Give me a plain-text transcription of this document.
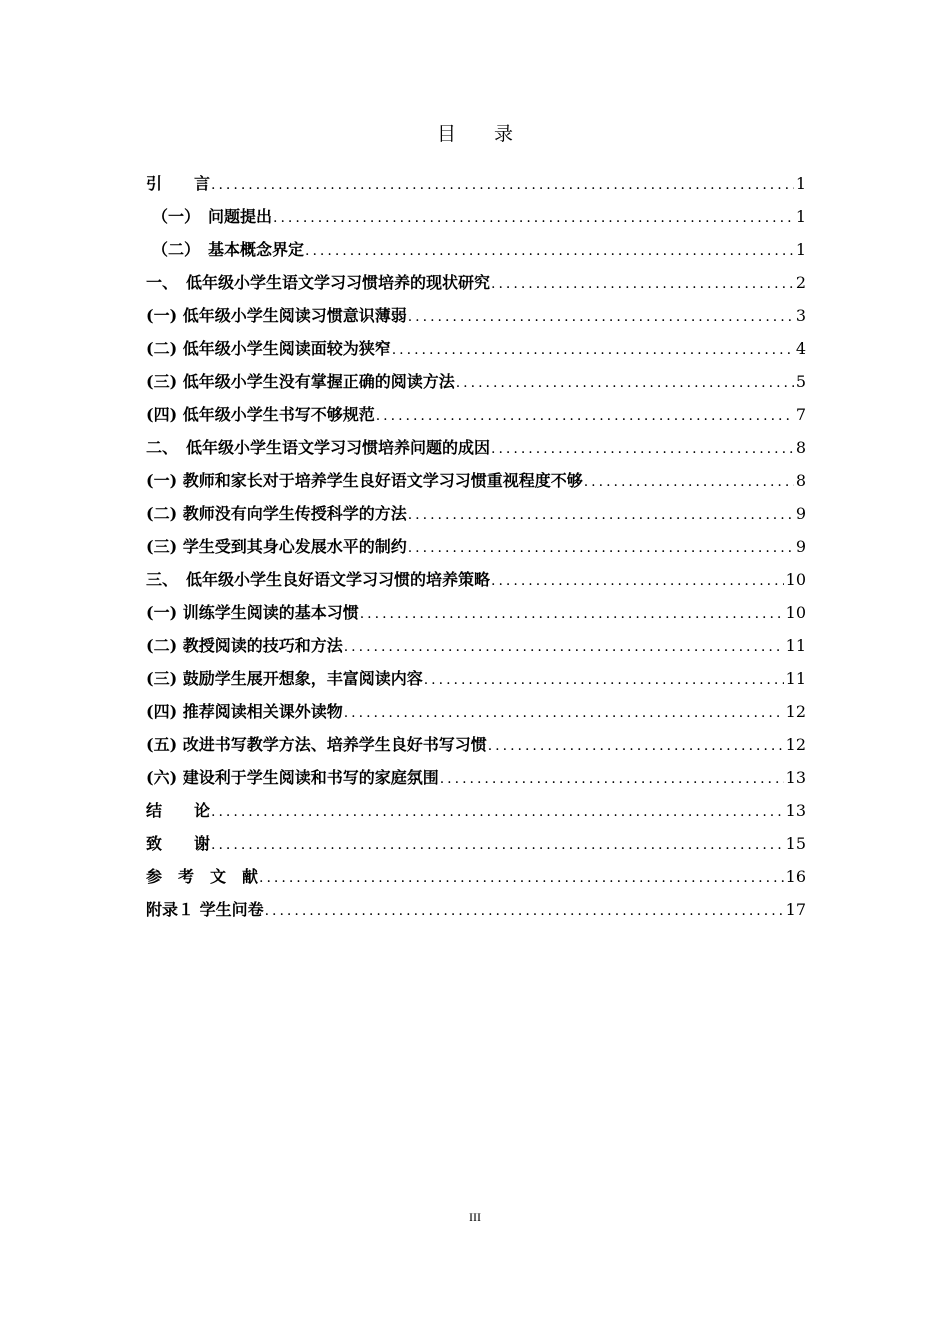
目 录
引　　言 .....	1
（一）　问题提出 .....	1
（二）　基本概念界定 .....	1
一、　低年级小学生语文学习习惯培养的现状研究 .....	2
(一) 低年级小学生阅读习惯意识薄弱 .....	3
(二) 低年级小学生阅读面较为狭窄 .....	4
(三) 低年级小学生没有掌握正确的阅读方法 .....	5
(四) 低年级小学生书写不够规范 .....	7
二、　低年级小学生语文学习习惯培养问题的成因 .....	8
(一) 教师和家长对于培养学生良好语文学习习惯重视程度不够 .....	8
(二) 教师没有向学生传授科学的方法 .....	9
(三) 学生受到其身心发展水平的制约 .....	9
三、　低年级小学生良好语文学习习惯的培养策略 .....	10
(一) 训练学生阅读的基本习惯 .....	10
(二) 教授阅读的技巧和方法 .....	11
(三) 鼓励学生展开想象，丰富阅读内容 .....	11
(四) 推荐阅读相关课外读物 .....	12
(五) 改进书写教学方法、培养学生良好书写习惯 .....	12
(六) 建设利于学生阅读和书写的家庭氛围 .....	13
结　　论 .....	13
致　　谢 .....	15
参　考　文　献 .....	16
附录１ 学生问卷 .....	17
III
